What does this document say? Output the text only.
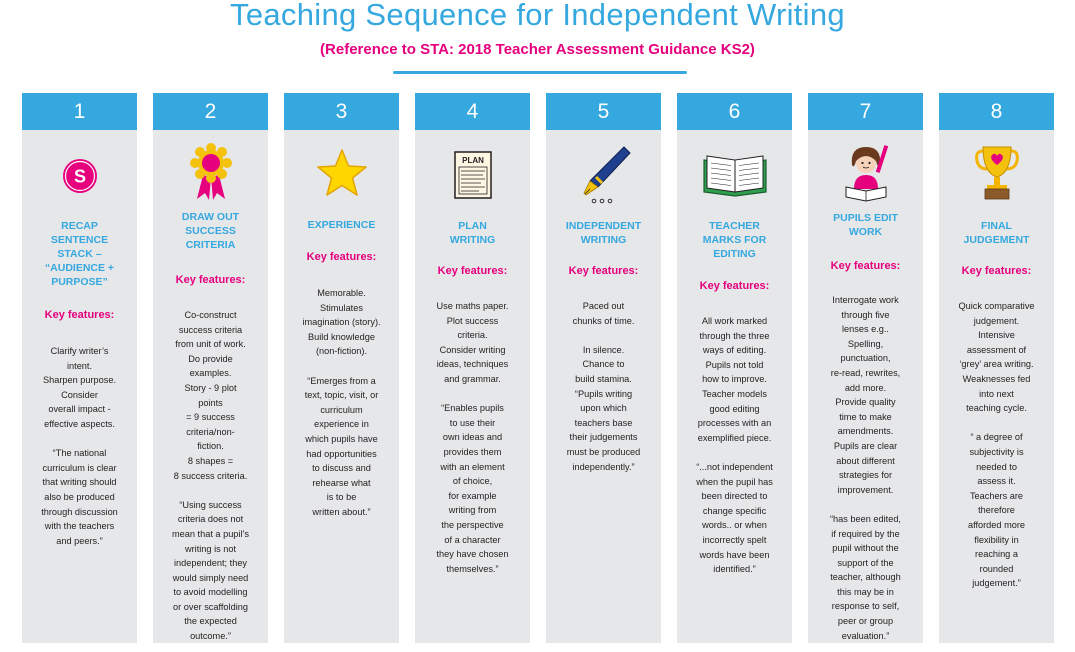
Teaching Sequence for Independent Writing
(Reference to STA: 2018 Teacher Assessment Guidance KS2)
1
S
RECAP
SENTENCE
STACK –
“AUDIENCE +
PURPOSE”
Key features:
Clarify writer’s
intent.
Sharpen purpose.
Consider
overall impact -
effective aspects.

“The national
curriculum is clear
that writing should
also be produced
through discussion
with the teachers
and peers.”
2
DRAW OUT
SUCCESS
CRITERIA
Key features:
Co-construct
success criteria
from unit of work.
Do provide
examples.
Story - 9 plot
points
= 9 success
criteria/non-
fiction.
8 shapes =
8 success criteria.

“Using success
criteria does not
mean that a pupil’s
writing is not
independent; they
would simply need
to avoid modelling
or over scaffolding
the expected
outcome.”
3
EXPERIENCE
Key features:
Memorable.
Stimulates
imagination (story).
Build knowledge
(non-fiction).

“Emerges from a
text, topic, visit, or
curriculum
experience in
which pupils have
had opportunities
to discuss and
rehearse what
is to be
written about.”
4
PLAN
PLAN
WRITING
Key features:
Use maths paper.
Plot success
criteria.
Consider writing
ideas, techniques
and grammar.

“Enables pupils
to use their
own ideas and
provides them
with an element
of choice,
for example
writing from
the perspective
of a character
they have chosen
themselves.”
5
INDEPENDENT
WRITING
Key features:
Paced out
chunks of time.

In silence.
Chance to
build stamina.
“Pupils writing
upon which
teachers base
their judgements
must be produced
independently.”
6
TEACHER
MARKS FOR
EDITING
Key features:
All work marked
through the three
ways of editing.
Pupils not told
how to improve.
Teacher models
good editing
processes with an
exemplified piece.

“...not independent
when the pupil has
been directed to
change specific
words.. or when
incorrectly spelt
words have been
identified.”
7
PUPILS EDIT
WORK
Key features:
Interrogate work
through five
lenses e.g..
Spelling,
punctuation,
re-read, rewrites,
add more.
Provide quality
time to make
amendments.
Pupils are clear
about different
strategies for
improvement.

“has been edited,
if required by the
pupil without the
support of the
teacher, although
this may be in
response to self,
peer or group
evaluation.”
8
FINAL
JUDGEMENT
Key features:
Quick comparative
judgement.
Intensive
assessment of
‘grey’ area writing.
Weaknesses fed
into next
teaching cycle.

“ a degree of
subjectivity is
needed to
assess it.
Teachers are
therefore
afforded more
flexibility in
reaching a
rounded
judgement.”
